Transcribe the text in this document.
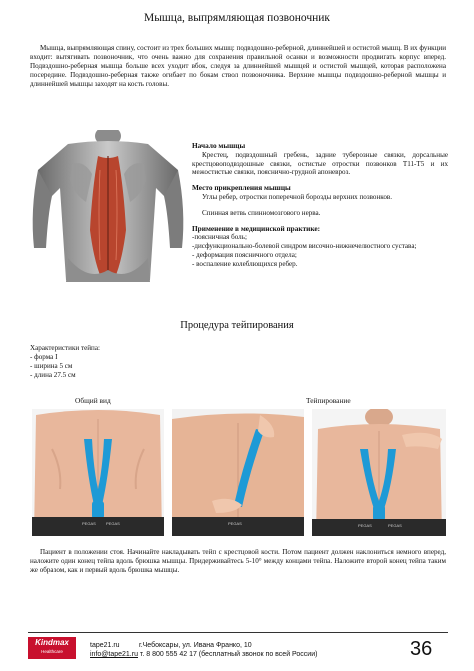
Мышца, выпрямляющая позвоночник
Мышца, выпрямляющая спину, состоит из трех больших мышц: подвздошно-реберной, длиннейшей и остистой мышц. В их функции входит: вытягивать позвоночник, что очень важно для сохранения правильной осанки и возможности продвигать корпус вперед. Подвздошно-реберная мышца больше всех уходит вбок, следуя за длиннейшей мышцей и остистой мышцей, которая расположена посередине. Подвздошно-реберная также огибает по бокам ствол позвоночника. Верхние мышцы подвздошно-реберной мышцы и длиннейшей мышцы заходят на кость головы.
Начало мышцы

Крестец, подвздошный гребень, задние туберозные связки, дорсальные крестцовоподвздошные связки, остистые отростки позвонков T11-T5 и их межостистые связки, пояснично-грудной апоневроз.

Место прикрепления мышцы

Углы ребер, отростки поперечной борозды верхних позвонков.

Спинная ветвь спинномозгового нерва.

Применение в медицинской практике:
-поясничная боль;
-дисфункционально-болевой синдром височно-нижнечелюстного сустава;
- деформация поясничного отдела;
- воспаление колеблющихся ребер.
Процедура тейпирования
Характеристики тейпа:
- форма I
- ширина 5 см
- длина 27.5 см
Общий вид	Тейпирование
PEGAS	PEGAS	PEGAS	PEGAS	PEGAS
Пациент в положении стоя. Начинайте накладывать тейп с крестцовой кости. Потом пациент должен наклониться немного вперед, наложите один конец тейпа вдоль брюшка мышцы. Придерживайтесь 5-10° между концами тейпа. Наложите второй конец тейпа таким же образом, как и первый вдоль брюшка мышцы.
Kindmax
Healthcare
tape21.ru	г.Чебоксары, ул. Ивана Франко, 10
info@tape21.ru т. 8 800 555 42 17 (бесплатный звонок по всей России)	36
